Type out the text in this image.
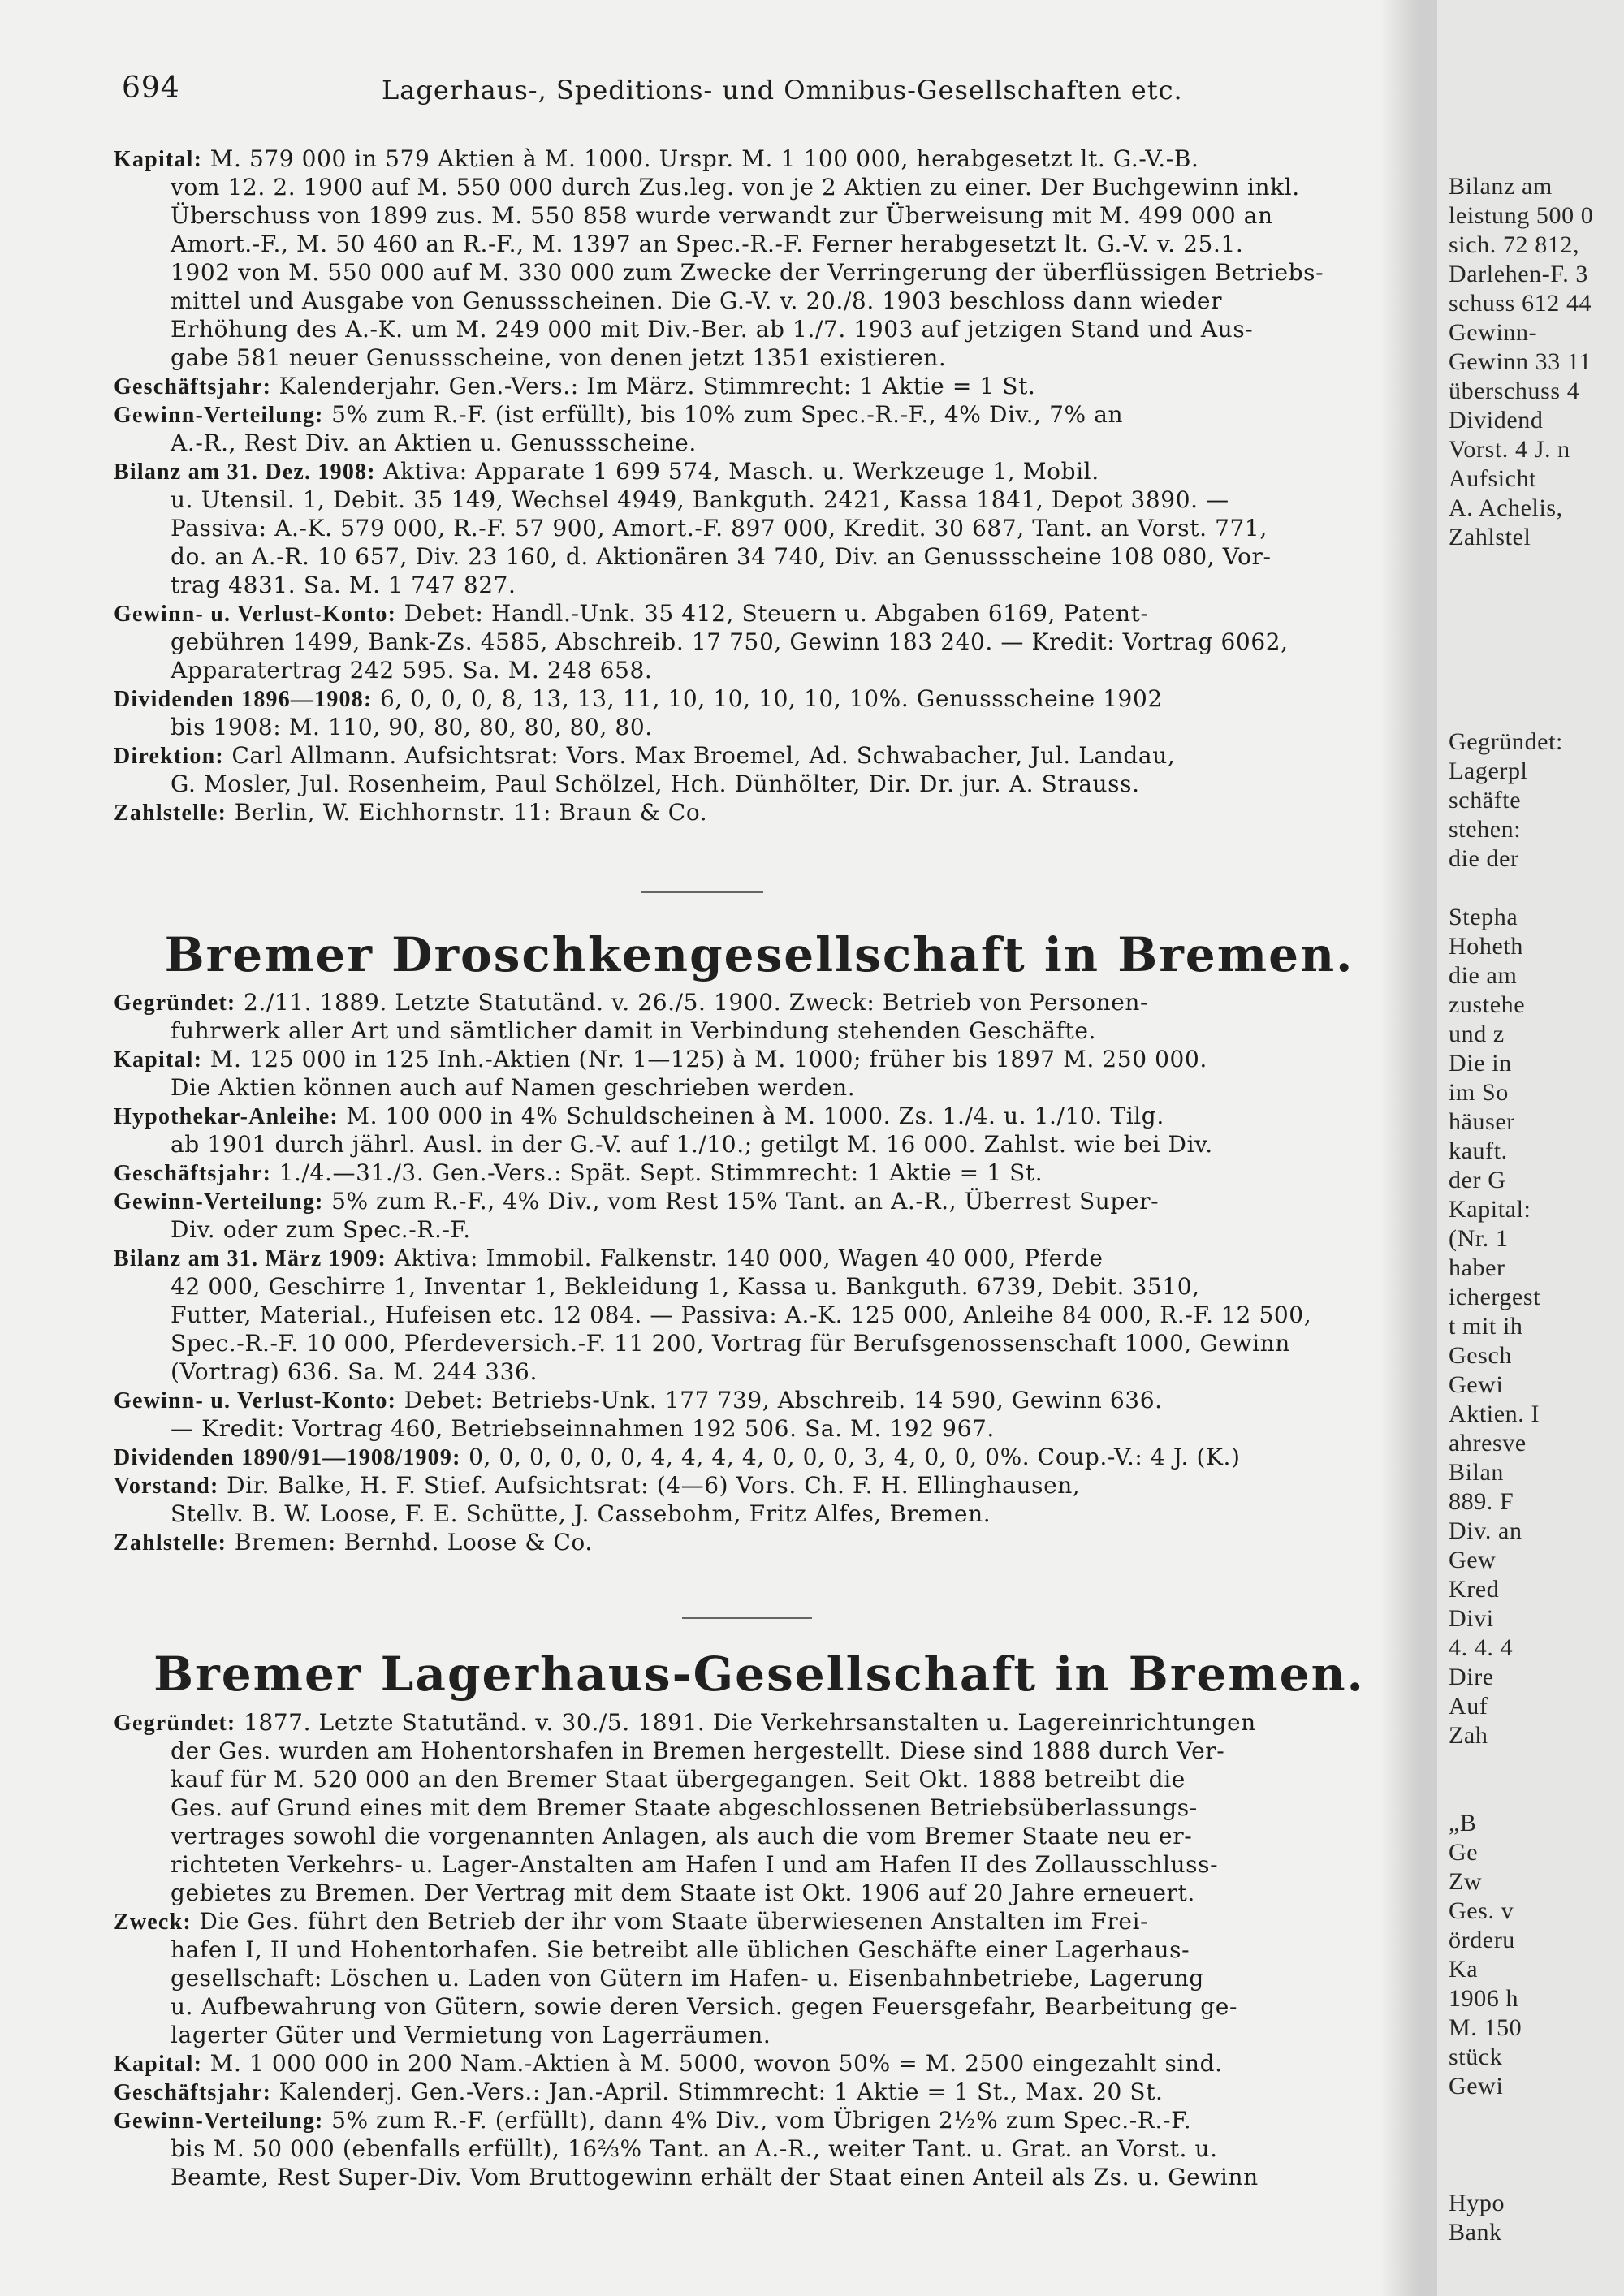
694	Lagerhaus-, Speditions- und Omnibus-Gesellschaften etc.
Kapital: M. 579 000 in 579 Aktien à M. 1000. Urspr. M. 1 100 000, herabgesetzt lt. G.-V.-B.
vom 12. 2. 1900 auf M. 550 000 durch Zus.leg. von je 2 Aktien zu einer. Der Buchgewinn inkl.
Überschuss von 1899 zus. M. 550 858 wurde verwandt zur Überweisung mit M. 499 000 an
Amort.-F., M. 50 460 an R.-F., M. 1397 an Spec.-R.-F. Ferner herabgesetzt lt. G.-V. v. 25.1.
1902 von M. 550 000 auf M. 330 000 zum Zwecke der Verringerung der überflüssigen Betriebs-
mittel und Ausgabe von Genussscheinen. Die G.-V. v. 20./8. 1903 beschloss dann wieder
Erhöhung des A.-K. um M. 249 000 mit Div.-Ber. ab 1./7. 1903 auf jetzigen Stand und Aus-
gabe 581 neuer Genussscheine, von denen jetzt 1351 existieren.
Geschäftsjahr: Kalenderjahr. Gen.-Vers.: Im März. Stimmrecht: 1 Aktie = 1 St.
Gewinn-Verteilung: 5% zum R.-F. (ist erfüllt), bis 10% zum Spec.-R.-F., 4% Div., 7% an
A.-R., Rest Div. an Aktien u. Genussscheine.
Bilanz am 31. Dez. 1908: Aktiva: Apparate 1 699 574, Masch. u. Werkzeuge 1, Mobil.
u. Utensil. 1, Debit. 35 149, Wechsel 4949, Bankguth. 2421, Kassa 1841, Depot 3890. —
Passiva: A.-K. 579 000, R.-F. 57 900, Amort.-F. 897 000, Kredit. 30 687, Tant. an Vorst. 771,
do. an A.-R. 10 657, Div. 23 160, d. Aktionären 34 740, Div. an Genussscheine 108 080, Vor-
trag 4831. Sa. M. 1 747 827.
Gewinn- u. Verlust-Konto: Debet: Handl.-Unk. 35 412, Steuern u. Abgaben 6169, Patent-
gebühren 1499, Bank-Zs. 4585, Abschreib. 17 750, Gewinn 183 240. — Kredit: Vortrag 6062,
Apparatertrag 242 595. Sa. M. 248 658.
Dividenden 1896—1908: 6, 0, 0, 0, 8, 13, 13, 11, 10, 10, 10, 10, 10%. Genussscheine 1902
bis 1908: M. 110, 90, 80, 80, 80, 80, 80.
Direktion: Carl Allmann. Aufsichtsrat: Vors. Max Broemel, Ad. Schwabacher, Jul. Landau,
G. Mosler, Jul. Rosenheim, Paul Schölzel, Hch. Dünhölter, Dir. Dr. jur. A. Strauss.
Zahlstelle: Berlin, W. Eichhornstr. 11: Braun & Co.
Bremer Droschkengesellschaft in Bremen.
Gegründet: 2./11. 1889. Letzte Statutänd. v. 26./5. 1900. Zweck: Betrieb von Personen-
fuhrwerk aller Art und sämtlicher damit in Verbindung stehenden Geschäfte.
Kapital: M. 125 000 in 125 Inh.-Aktien (Nr. 1—125) à M. 1000; früher bis 1897 M. 250 000.
Die Aktien können auch auf Namen geschrieben werden.
Hypothekar-Anleihe: M. 100 000 in 4% Schuldscheinen à M. 1000. Zs. 1./4. u. 1./10. Tilg.
ab 1901 durch jährl. Ausl. in der G.-V. auf 1./10.; getilgt M. 16 000. Zahlst. wie bei Div.
Geschäftsjahr: 1./4.—31./3. Gen.-Vers.: Spät. Sept. Stimmrecht: 1 Aktie = 1 St.
Gewinn-Verteilung: 5% zum R.-F., 4% Div., vom Rest 15% Tant. an A.-R., Überrest Super-
Div. oder zum Spec.-R.-F.
Bilanz am 31. März 1909: Aktiva: Immobil. Falkenstr. 140 000, Wagen 40 000, Pferde
42 000, Geschirre 1, Inventar 1, Bekleidung 1, Kassa u. Bankguth. 6739, Debit. 3510,
Futter, Material., Hufeisen etc. 12 084. — Passiva: A.-K. 125 000, Anleihe 84 000, R.-F. 12 500,
Spec.-R.-F. 10 000, Pferdeversich.-F. 11 200, Vortrag für Berufsgenossenschaft 1000, Gewinn
(Vortrag) 636. Sa. M. 244 336.
Gewinn- u. Verlust-Konto: Debet: Betriebs-Unk. 177 739, Abschreib. 14 590, Gewinn 636.
— Kredit: Vortrag 460, Betriebseinnahmen 192 506. Sa. M. 192 967.
Dividenden 1890/91—1908/1909: 0, 0, 0, 0, 0, 0, 4, 4, 4, 4, 0, 0, 0, 3, 4, 0, 0, 0%. Coup.-V.: 4 J. (K.)
Vorstand: Dir. Balke, H. F. Stief. Aufsichtsrat: (4—6) Vors. Ch. F. H. Ellinghausen,
Stellv. B. W. Loose, F. E. Schütte, J. Cassebohm, Fritz Alfes, Bremen.
Zahlstelle: Bremen: Bernhd. Loose & Co.
Bremer Lagerhaus-Gesellschaft in Bremen.
Gegründet: 1877. Letzte Statutänd. v. 30./5. 1891. Die Verkehrsanstalten u. Lagereinrichtungen
der Ges. wurden am Hohentorshafen in Bremen hergestellt. Diese sind 1888 durch Ver-
kauf für M. 520 000 an den Bremer Staat übergegangen. Seit Okt. 1888 betreibt die
Ges. auf Grund eines mit dem Bremer Staate abgeschlossenen Betriebsüberlassungs-
vertrages sowohl die vorgenannten Anlagen, als auch die vom Bremer Staate neu er-
richteten Verkehrs- u. Lager-Anstalten am Hafen I und am Hafen II des Zollausschluss-
gebietes zu Bremen. Der Vertrag mit dem Staate ist Okt. 1906 auf 20 Jahre erneuert.
Zweck: Die Ges. führt den Betrieb der ihr vom Staate überwiesenen Anstalten im Frei-
hafen I, II und Hohentorhafen. Sie betreibt alle üblichen Geschäfte einer Lagerhaus-
gesellschaft: Löschen u. Laden von Gütern im Hafen- u. Eisenbahnbetriebe, Lagerung
u. Aufbewahrung von Gütern, sowie deren Versich. gegen Feuersgefahr, Bearbeitung ge-
lagerter Güter und Vermietung von Lagerräumen.
Kapital: M. 1 000 000 in 200 Nam.-Aktien à M. 5000, wovon 50% = M. 2500 eingezahlt sind.
Geschäftsjahr: Kalenderj. Gen.-Vers.: Jan.-April. Stimmrecht: 1 Aktie = 1 St., Max. 20 St.
Gewinn-Verteilung: 5% zum R.-F. (erfüllt), dann 4% Div., vom Übrigen 2½% zum Spec.-R.-F.
bis M. 50 000 (ebenfalls erfüllt), 16⅔% Tant. an A.-R., weiter Tant. u. Grat. an Vorst. u.
Beamte, Rest Super-Div. Vom Bruttogewinn erhält der Staat einen Anteil als Zs. u. Gewinn
Bilanz am
leistung 500 0
sich. 72 812,
Darlehen-F. 3
schuss 612 44
Gewinn-
Gewinn 33 11
überschuss 4
Dividend
Vorst. 4 J. n
Aufsicht
A. Achelis,
Zahlstel
Gegründet:
Lagerpl
schäfte
stehen:
die der
Stepha
Hoheth
die am
zustehe
und z
Die in
im So
häuser
kauft.
der G
Kapital:
(Nr. 1
haber
ichergest
t mit ih
Gesch
Gewi
Aktien. I
ahresve
Bilan
889. F
Div. an
Gew
Kred
Divi
4. 4. 4
Dire
Auf
Zah
„B
Ge
Zw
Ges. v
örderu
Ka
1906 h
M. 150
stück
Gewi
Hypo
Bank
